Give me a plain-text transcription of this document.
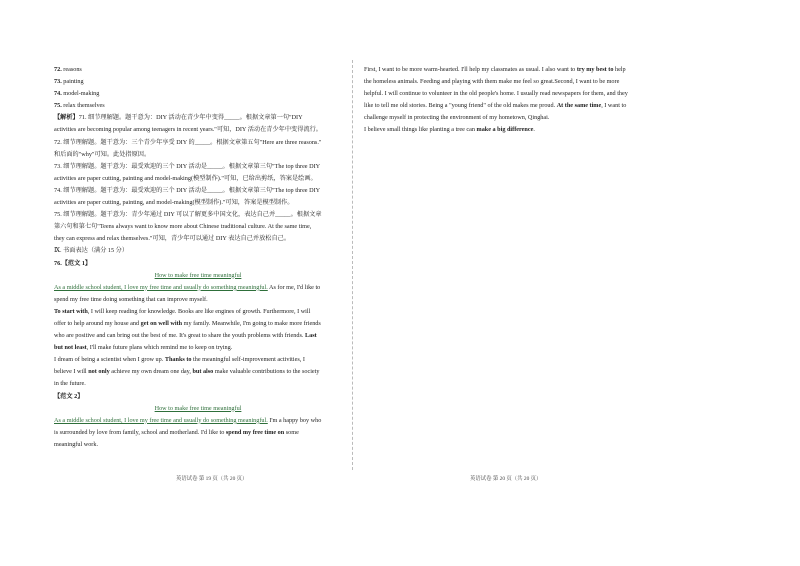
72. reasons
73. painting
74. model-making
75. relax themselves
【解析】71. 细节理解题。题干意为：DIY 活动在青少年中变得_____。根据文章第一句"DIY
activities are becoming popular among teenagers in recent years."可知，DIY 活动在青少年中变得流行。
72. 细节理解题。题干意为：三个青少年享受 DIY 的_____。根据文章第五句"Here are three reasons."
和后面的"why"可知。此处指原因。
73. 细节理解题。题干意为：最受欢迎的三个 DIY 活动是_____。根据文章第三句"The top three DIY
activities are paper cutting, painting and model-making(模型制作)."可知，已给出剪纸，答案是绘画。
74. 细节理解题。题干意为：最受欢迎的三个 DIY 活动是_____。根据文章第三句"The top three DIY
activities are paper cutting, painting, and model-making(模型制作)."可知，答案是模型制作。
75. 细节理解题。题干意为：青少年通过 DIY 可以了解更多中国文化，表达自己并_____。根据文章
第六句和第七句"Teens always want to know more about Chinese traditional culture. At the same time,
they can express and relax themselves."可知，青少年可以通过 DIY 表达自己并放松自己。
Ⅸ. 书面表达（满分 15 分）
76.【范文 1】
How to make free time meaningful
As a middle school student, I love my free time and usually do something meaningful. As for me, I'd like to
spend my free time doing something that can improve myself.
To start with, I will keep reading for knowledge. Books are like engines of growth. Furthermore, I will
offer to help around my house and get on well with my family. Meanwhile, I'm going to make more friends
who are positive and can bring out the best of me. It's great to share the youth problems with friends. Last
but not least, I'll make future plans which remind me to keep on trying.
I dream of being a scientist when I grow up. Thanks to the meaningful self-improvement activities, I
believe I will not only achieve my own dream one day, but also make valuable contributions to the society
in the future.
【范文 2】
How to make free time meaningful
As a middle school student, I love my free time and usually do something meaningful. I'm a happy boy who
is surrounded by love from family, school and motherland. I'd like to spend my free time on some
meaningful work.
First, I want to be more warm-hearted. I'll help my classmates as usual. I also want to try my best to help
the homeless animals. Feeding and playing with them make me feel so great.Second, I want to be more
helpful. I will continue to volunteer in the old people's home. I usually read newspapers for them, and they
like to tell me old stories. Being a "young friend" of the old makes me proud. At the same time, I want to
challenge myself in protecting the environment of my hometown, Qinghai.
I believe small things like planting a tree can make a big difference.
英语试卷 第 19 页（共 20 页）	英语试卷 第 20 页（共 20 页）
